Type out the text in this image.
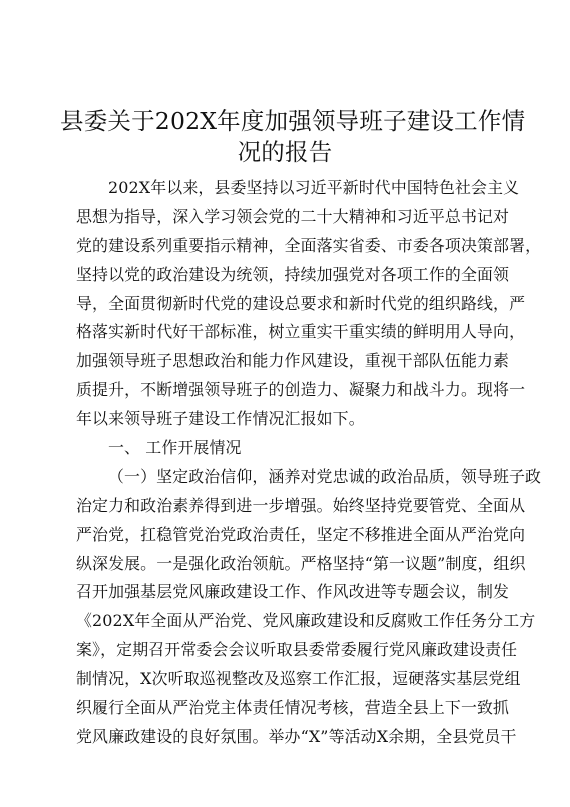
县委关于202X年度加强领导班子建设工作情
况的报告
202X年以来，县委坚持以习近平新时代中国特色社会主义
思想为指导，深入学习领会党的二十大精神和习近平总书记对
党的建设系列重要指示精神，全面落实省委、市委各项决策部署，
坚持以党的政治建设为统领，持续加强党对各项工作的全面领
导，全面贯彻新时代党的建设总要求和新时代党的组织路线，严
格落实新时代好干部标准，树立重实干重实绩的鲜明用人导向，
加强领导班子思想政治和能力作风建设，重视干部队伍能力素
质提升，不断增强领导班子的创造力、凝聚力和战斗力。现将一
年以来领导班子建设工作情况汇报如下。
一、 工作开展情况
（一）坚定政治信仰，涵养对党忠诚的政治品质，领导班子政
治定力和政治素养得到进一步增强。始终坚持党要管党、全面从
严治党，扛稳管党治党政治责任，坚定不移推进全面从严治党向
纵深发展。一是强化政治领航。严格坚持“第一议题”制度，组织
召开加强基层党风廉政建设工作、作风改进等专题会议，制发
《202X年全面从严治党、党风廉政建设和反腐败工作任务分工方
案》，定期召开常委会会议听取县委常委履行党风廉政建设责任
制情况，X次听取巡视整改及巡察工作汇报，逗硬落实基层党组
织履行全面从严治党主体责任情况考核，营造全县上下一致抓
党风廉政建设的良好氛围。举办“X”等活动X余期，全县党员干
